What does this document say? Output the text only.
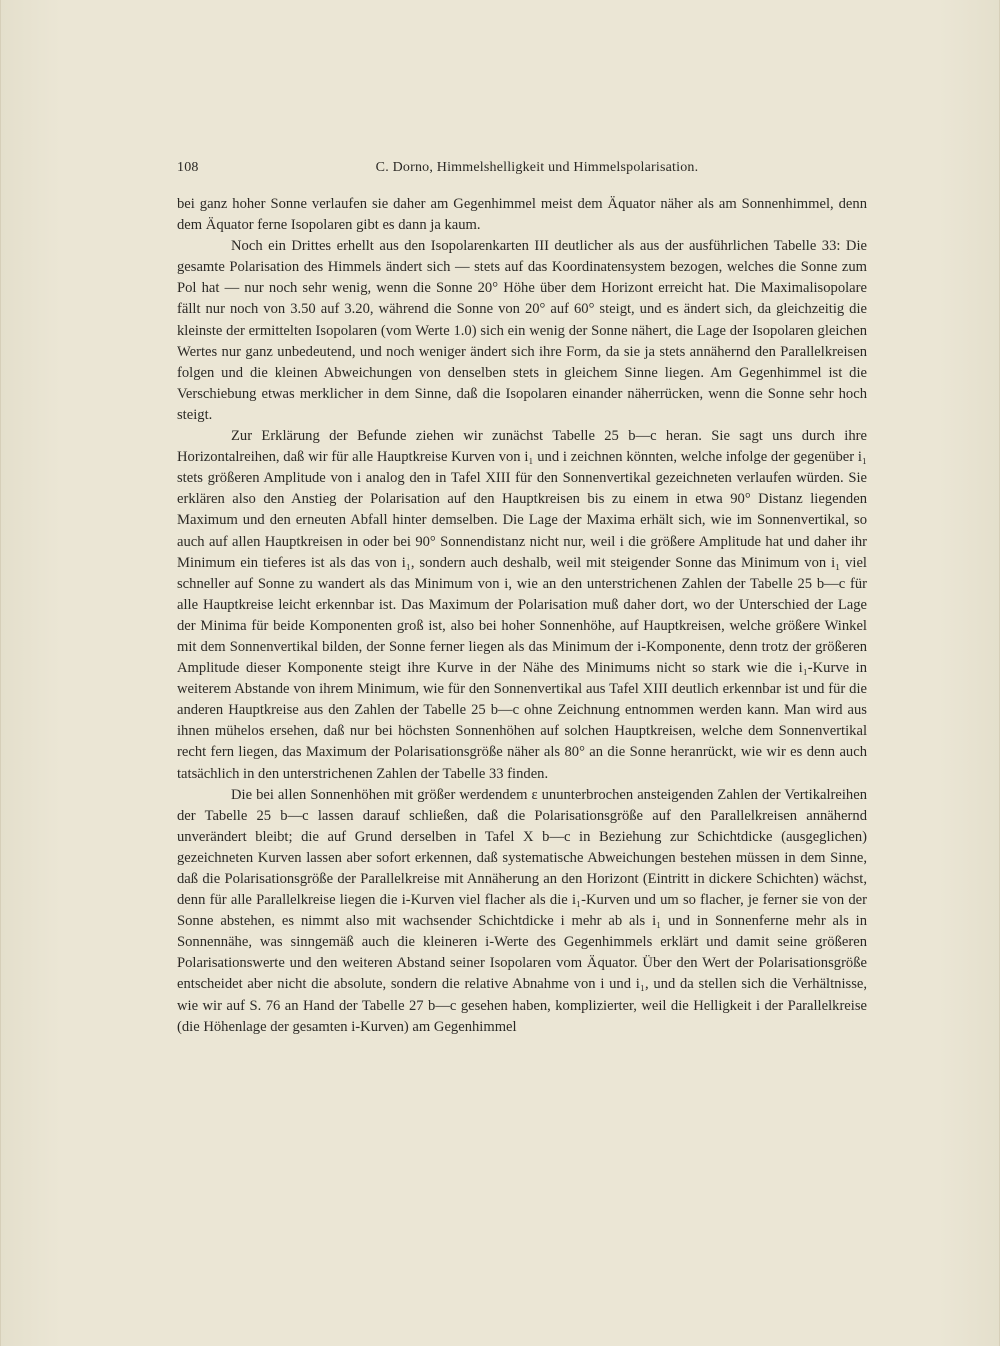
108	C. Dorno, Himmelshelligkeit und Himmelspolarisation.

bei ganz hoher Sonne verlaufen sie daher am Gegenhimmel meist dem Äquator näher als am Sonnenhimmel, denn dem Äquator ferne Isopolaren gibt es dann ja kaum.

Noch ein Drittes erhellt aus den Isopolarenkarten III deutlicher als aus der ausführlichen Tabelle 33: Die gesamte Polarisation des Himmels ändert sich — stets auf das Koordinatensystem bezogen, welches die Sonne zum Pol hat — nur noch sehr wenig, wenn die Sonne 20° Höhe über dem Horizont erreicht hat. Die Maximalisopolare fällt nur noch von 3.50 auf 3.20, während die Sonne von 20° auf 60° steigt, und es ändert sich, da gleichzeitig die kleinste der ermittelten Isopolaren (vom Werte 1.0) sich ein wenig der Sonne nähert, die Lage der Isopolaren gleichen Wertes nur ganz unbedeutend, und noch weniger ändert sich ihre Form, da sie ja stets annähernd den Parallelkreisen folgen und die kleinen Abweichungen von denselben stets in gleichem Sinne liegen. Am Gegenhimmel ist die Verschiebung etwas merklicher in dem Sinne, daß die Isopolaren einander näherrücken, wenn die Sonne sehr hoch steigt.

Zur Erklärung der Befunde ziehen wir zunächst Tabelle 25 b—c heran. Sie sagt uns durch ihre Horizontalreihen, daß wir für alle Hauptkreise Kurven von i₁ und i zeichnen könnten, welche infolge der gegenüber i₁ stets größeren Amplitude von i analog den in Tafel XIII für den Sonnenvertikal gezeichneten verlaufen würden. Sie erklären also den Anstieg der Polarisation auf den Hauptkreisen bis zu einem in etwa 90° Distanz liegenden Maximum und den erneuten Abfall hinter demselben. Die Lage der Maxima erhält sich, wie im Sonnenvertikal, so auch auf allen Hauptkreisen in oder bei 90° Sonnendistanz nicht nur, weil i die größere Amplitude hat und daher ihr Minimum ein tieferes ist als das von i₁, sondern auch deshalb, weil mit steigender Sonne das Minimum von i₁ viel schneller auf Sonne zu wandert als das Minimum von i, wie an den unterstrichenen Zahlen der Tabelle 25 b—c für alle Hauptkreise leicht erkennbar ist. Das Maximum der Polarisation muß daher dort, wo der Unterschied der Lage der Minima für beide Komponenten groß ist, also bei hoher Sonnenhöhe, auf Hauptkreisen, welche größere Winkel mit dem Sonnenvertikal bilden, der Sonne ferner liegen als das Minimum der i-Komponente, denn trotz der größeren Amplitude dieser Komponente steigt ihre Kurve in der Nähe des Minimums nicht so stark wie die i₁-Kurve in weiterem Abstande von ihrem Minimum, wie für den Sonnenvertikal aus Tafel XIII deutlich erkennbar ist und für die anderen Hauptkreise aus den Zahlen der Tabelle 25 b—c ohne Zeichnung entnommen werden kann. Man wird aus ihnen mühelos ersehen, daß nur bei höchsten Sonnenhöhen auf solchen Hauptkreisen, welche dem Sonnenvertikal recht fern liegen, das Maximum der Polarisationsgröße näher als 80° an die Sonne heranrückt, wie wir es denn auch tatsächlich in den unterstrichenen Zahlen der Tabelle 33 finden.

Die bei allen Sonnenhöhen mit größer werdendem ε ununterbrochen ansteigenden Zahlen der Vertikalreihen der Tabelle 25 b—c lassen darauf schließen, daß die Polarisationsgröße auf den Parallelkreisen annähernd unverändert bleibt; die auf Grund derselben in Tafel X b—c in Beziehung zur Schichtdicke (ausgeglichen) gezeichneten Kurven lassen aber sofort erkennen, daß systematische Abweichungen bestehen müssen in dem Sinne, daß die Polarisationsgröße der Parallelkreise mit Annäherung an den Horizont (Eintritt in dickere Schichten) wächst, denn für alle Parallelkreise liegen die i-Kurven viel flacher als die i₁-Kurven und um so flacher, je ferner sie von der Sonne abstehen, es nimmt also mit wachsender Schichtdicke i mehr ab als i₁ und in Sonnenferne mehr als in Sonnennähe, was sinngemäß auch die kleineren i-Werte des Gegenhimmels erklärt und damit seine größeren Polarisationswerte und den weiteren Abstand seiner Isopolaren vom Äquator. Über den Wert der Polarisationsgröße entscheidet aber nicht die absolute, sondern die relative Abnahme von i und i₁, und da stellen sich die Verhältnisse, wie wir auf S. 76 an Hand der Tabelle 27 b—c gesehen haben, komplizierter, weil die Helligkeit i der Parallelkreise (die Höhenlage der gesamten i-Kurven) am Gegenhimmel
